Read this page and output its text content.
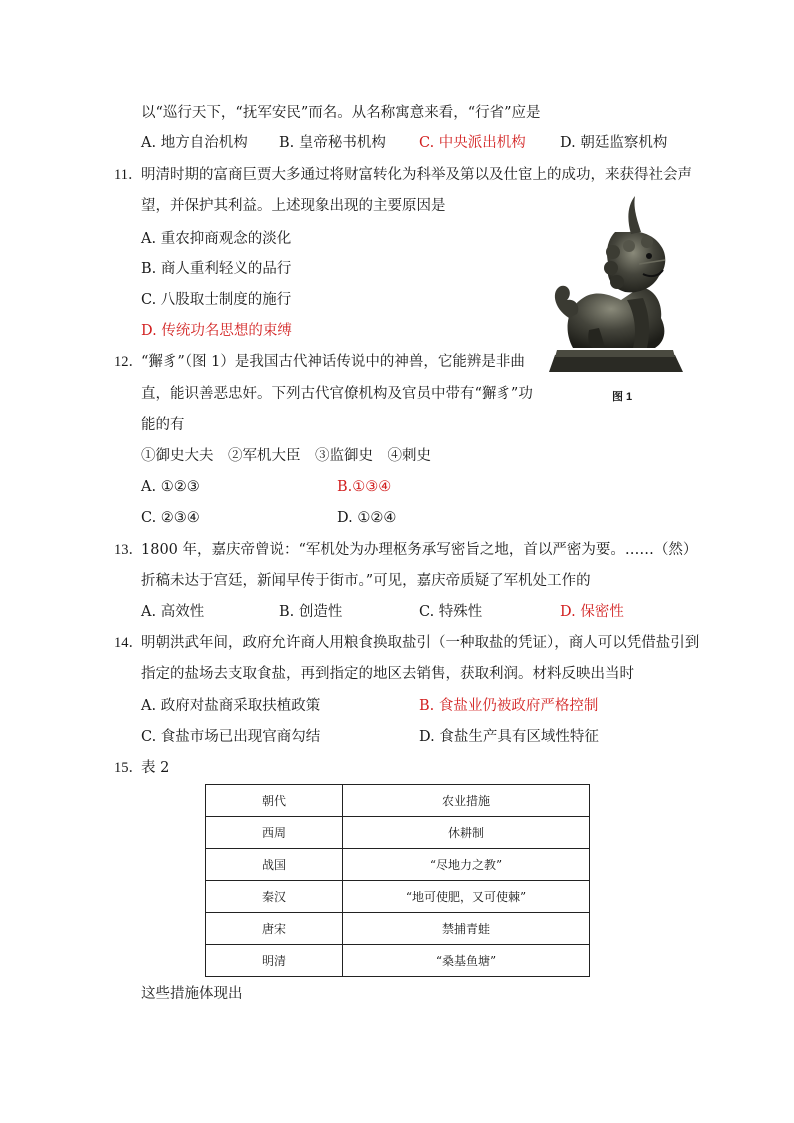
以“巡行天下，“抚军安民”而名。从名称寓意来看，“行省”应是
A. 地方自治机构 B. 皇帝秘书机构 C. 中央派出机构 D. 朝廷监察机构
11．
明清时期的富商巨贾大多通过将财富转化为科举及第以及仕宦上的成功，来获得社会声
望，并保护其利益。上述现象出现的主要原因是
A. 重农抑商观念的淡化
B. 商人重利轻义的品行
C. 八股取士制度的施行
D. 传统功名思想的束缚
图 1
12．
“獬豸”（图 1）是我国古代神话传说中的神兽，它能辨是非曲
直，能识善恶忠奸。下列古代官僚机构及官员中带有“獬豸”功
能的有
①御史大夫　②军机大臣　③监御史　④刺史
A. ①②③	B.①③④
C. ②③④	D. ①②④
13．
1800 年，嘉庆帝曾说：“军机处为办理枢务承写密旨之地，首以严密为要。……（然）
折稿未达于宫廷，新闻早传于街市。”可见，嘉庆帝质疑了军机处工作的
A. 高效性	B. 创造性	C. 特殊性	D. 保密性
14．
明朝洪武年间，政府允许商人用粮食换取盐引（一种取盐的凭证），商人可以凭借盐引到
指定的盐场去支取食盐，再到指定的地区去销售，获取利润。材料反映出当时
A. 政府对盐商采取扶植政策	B. 食盐业仍被政府严格控制
C. 食盐市场已出现官商勾结	D. 食盐生产具有区域性特征
15．
表 2
朝代	农业措施
西周	休耕制
战国	“尽地力之教”
秦汉	“地可使肥，又可使棘”
唐宋	禁捕青蛙
明清	“桑基鱼塘”
这些措施体现出
